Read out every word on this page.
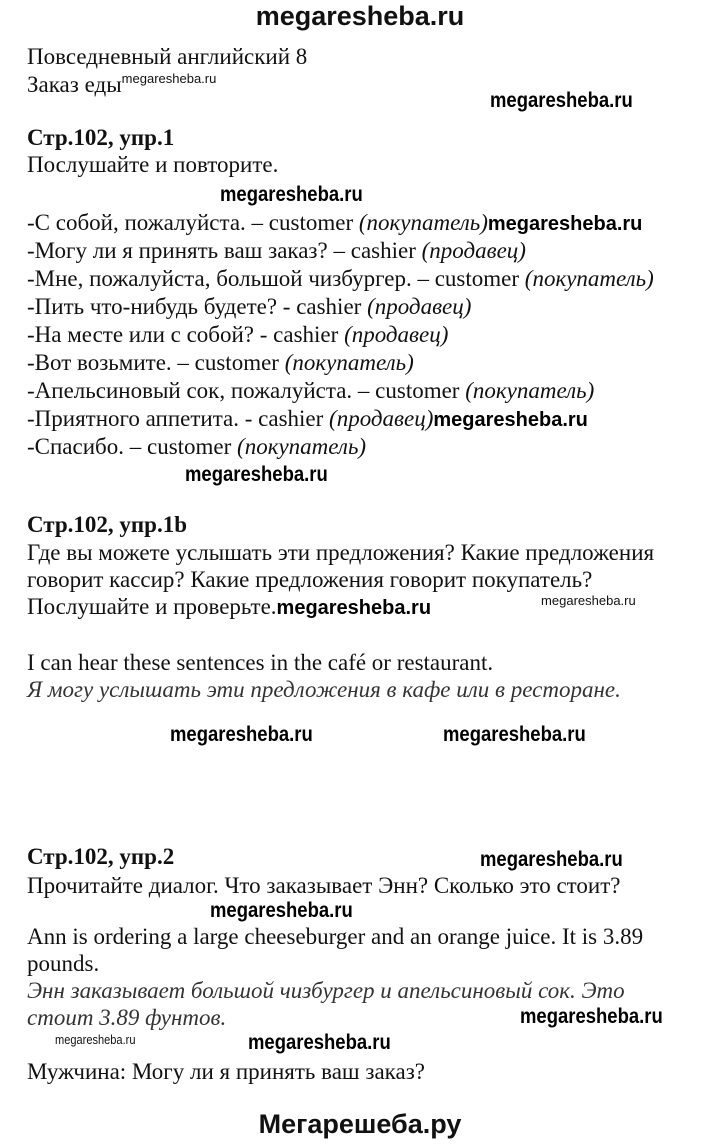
megaresheba.ru
Повседневный английский 8
Заказ еды$^{megaresheba.ru}$
megaresheba.ru
Стр.102, упр.1
Послушайте и повторите.
megaresheba.ru
-С собой, пожалуйста. – customer (покупатель)megaresheba.ru
-Могу ли я принять ваш заказ? – cashier (продавец)
-Мне, пожалуйста, большой чизбургер. – customer (покупатель)
-Пить что-нибудь будете? - cashier (продавец)
-На месте или с собой? - cashier (продавец)
-Вот возьмите. – customer (покупатель)
-Апельсиновый сок, пожалуйста. – customer (покупатель)
-Приятного аппетита. - cashier (продавец)megaresheba.ru
-Спасибо. – customer (покупатель)
megaresheba.ru
Стр.102, упр.1b
Где вы можете услышать эти предложения? Какие предложения
говорит кассир? Какие предложения говорит покупатель?
Послушайте и проверьте.megaresheba.ru	$^{megaresheba.ru}$
I can hear these sentences in the café or restaurant.
Я могу услышать эти предложения в кафе или в ресторане.
megaresheba.ru	megaresheba.ru
Стр.102, упр.2	megaresheba.ru
Прочитайте диалог. Что заказывает Энн? Сколько это стоит?
megaresheba.ru
Ann is ordering a large cheeseburger and an orange juice. It is 3.89
pounds.
Энн заказывает большой чизбургер и апельсиновый сок. Это
стоит 3.89 фунтов.	megaresheba.ru
megaresheba.ru	megaresheba.ru
Мужчина: Могу ли я принять ваш заказ?
Мегарешеба.ру
